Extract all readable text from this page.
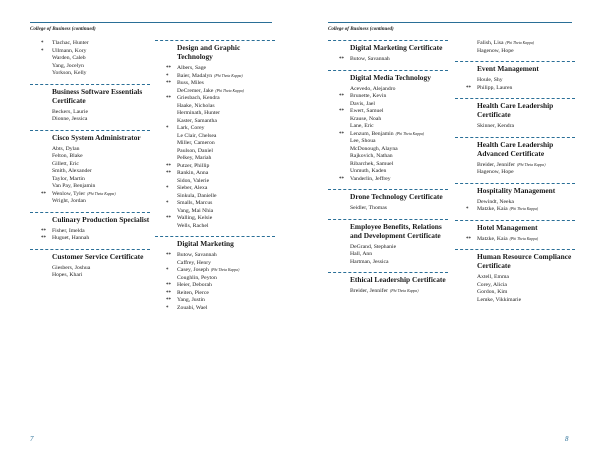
College of Business (continued)
* Tlachac, Hunter
* Ullmann, Kory
Warden, Caleb
Yang, Jocelyn
Yorkson, Kelly
Business Software Essentials Certificate
Beckers, Laurie
Dionne, Jessica
Cisco System Administrator
Abts, Dylan
Felton, Blake
Gillett, Eric
Smith, Alexander
Taylor, Martin
Van Pay, Benjamin
** Wenlow, Tyler (Phi Theta Kappa)
Wright, Jordan
Culinary Production Specialist
** Fisher, Imelda
** Huguet, Hannah
Customer Service Certificate
Giesbers, Joshua
Hopes, Khari
Design and Graphic Technology
** Albers, Sage
* Baier, Madalyn (Phi Theta Kappa)
** Buss, Miles
DeCremer, Jake (Phi Theta Kappa)
** Griesbach, Kendra
Haake, Nicholas
Herminath, Hunter
Kaster, Samantha
* Lark, Corey
Le Clair, Chelsea
Miller, Cameron
Paulson, Daniel
Pelkey, Mariah
** Putzer, Phillip
** Rankin, Anna
Sidon, Valerie
* Sieber, Alexa
Sinkula, Danielle
* Smalls, Marcus
Vang, Mai Nhia
** Walling, Kelsie
Wells, Rachel
Digital Marketing
** Butow, Savannah
Caffrey, Henry
* Casey, Joseph (Phi Theta Kappa)
Coughlin, Peyton
** Heier, Deborah
** Reiten, Pierce
** Yang, Justin
* Zouabi, Wael
7
College of Business (continued)
Digital Marketing Certificate
** Butow, Savannah
Digital Media Technology
Acevedo, Alejandro
** Brunette, Kevin
Davis, Jael
** Ewert, Samuel
Krause, Noah
Lane, Eric
** Lenzum, Benjamin (Phi Theta Kappa)
Lee, Shoua
McDonough, Alayna
Rajkovich, Nathan
Ribarchek, Samuel
Unmuth, Kaden
** Vanderlin, Jeffrey
Drone Technology Certificate
Seidler, Thomas
Employee Benefits, Relations and Development Certificate
DeGrand, Stephanie
Hall, Ann
Hartman, Jessica
Ethical Leadership Certificate
Breider, Jennifer (Phi Theta Kappa)
Falish, Lisa (Phi Theta Kappa)
Hagenow, Hope
Event Management
Houle, Shy
** Philipp, Lauren
Health Care Leadership Certificate
Skinner, Kendra
Health Care Leadership Advanced Certificate
Breider, Jennifer (Phi Theta Kappa)
Hagenow, Hope
Hospitality Management
Dewindt, Neeka
* Matzke, Kaia (Phi Theta Kappa)
Hotel Management
** Matzke, Kaia (Phi Theta Kappa)
Human Resource Compliance Certificate
Axtell, Emma
Corey, Alicia
Gordon, Kim
Lemke, Vikkimarie
8
